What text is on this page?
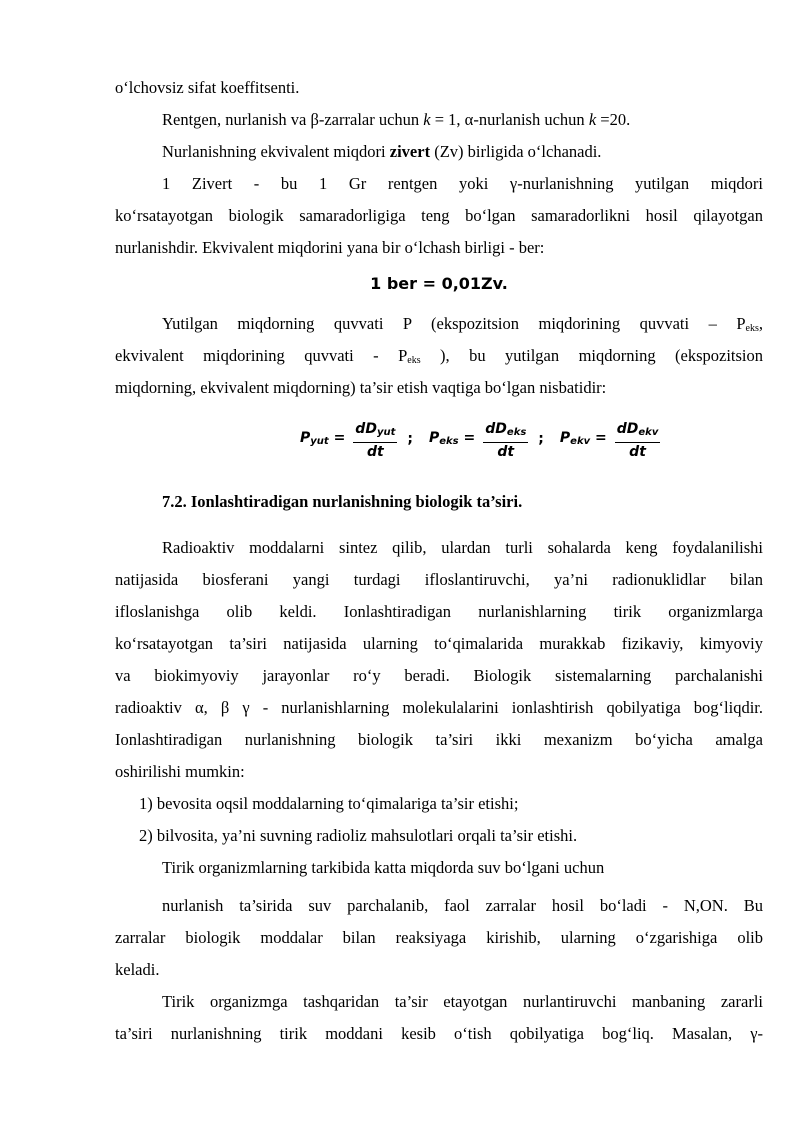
o‘lchovsiz sifat koeffitsenti.
Rentgen, nurlanish va β-zarralar uchun k = 1, α-nurlanish uchun k =20.
Nurlanishning ekvivalent miqdori zivert (Zv) birligida o‘lchanadi.
1 Zivert - bu 1 Gr rentgen yoki γ-nurlanishning yutilgan miqdori
ko‘rsatayotgan biologik samaradorligiga teng bo‘lgan samaradorlikni hosil qilayotgan
nurlanishdir. Ekvivalent miqdorini yana bir o‘lchash birligi - ber:
1 ber = 0,01Zv.
Yutilgan miqdorning quvvati P (ekspozitsion miqdorining quvvati – $P_{eks}$,
ekvivalent miqdorining quvvati - $P_{eks}$ ), bu yutilgan miqdorning (ekspozitsion
miqdorning, ekvivalent miqdorning) ta’sir etish vaqtiga bo‘lgan nisbatidir:
$P_{yut} = \frac{dD_{yut}}{dt}$ ; $P_{eks} = \frac{dD_{eks}}{dt}$ ; $P_{ekv} = \frac{dD_{ekv}}{dt}$
7.2. Ionlashtiradigan nurlanishning biologik ta’siri.
Radioaktiv moddalarni sintez qilib, ulardan turli sohalarda keng foydalanilishi
natijasida biosferani yangi turdagi ifloslantiruvchi, ya’ni radionuklidlar bilan
ifloslanishga olib keldi. Ionlashtiradigan nurlanishlarning tirik organizmlarga
ko‘rsatayotgan ta’siri natijasida ularning to‘qimalarida murakkab fizikaviy, kimyoviy
va biokimyoviy jarayonlar ro‘y beradi. Biologik sistemalarning parchalanishi
radioaktiv α, β γ - nurlanishlarning molekulalarini ionlashtirish qobilyatiga bog‘liqdir.
Ionlashtiradigan nurlanishning biologik ta’siri ikki mexanizm bo‘yicha amalga
oshirilishi mumkin:
1) bevosita oqsil moddalarning to‘qimalariga ta’sir etishi;
2) bilvosita, ya’ni suvning radioliz mahsulotlari orqali ta’sir etishi.
Tirik organizmlarning tarkibida katta miqdorda suv bo‘lgani uchun
nurlanish ta’sirida suv parchalanib, faol zarralar hosil bo‘ladi - N,ON. Bu
zarralar biologik moddalar bilan reaksiyaga kirishib, ularning o‘zgarishiga olib
keladi.
Tirik organizmga tashqaridan ta’sir etayotgan nurlantiruvchi manbaning zararli
ta’siri nurlanishning tirik moddani kesib o‘tish qobilyatiga bog‘liq. Masalan, γ-
